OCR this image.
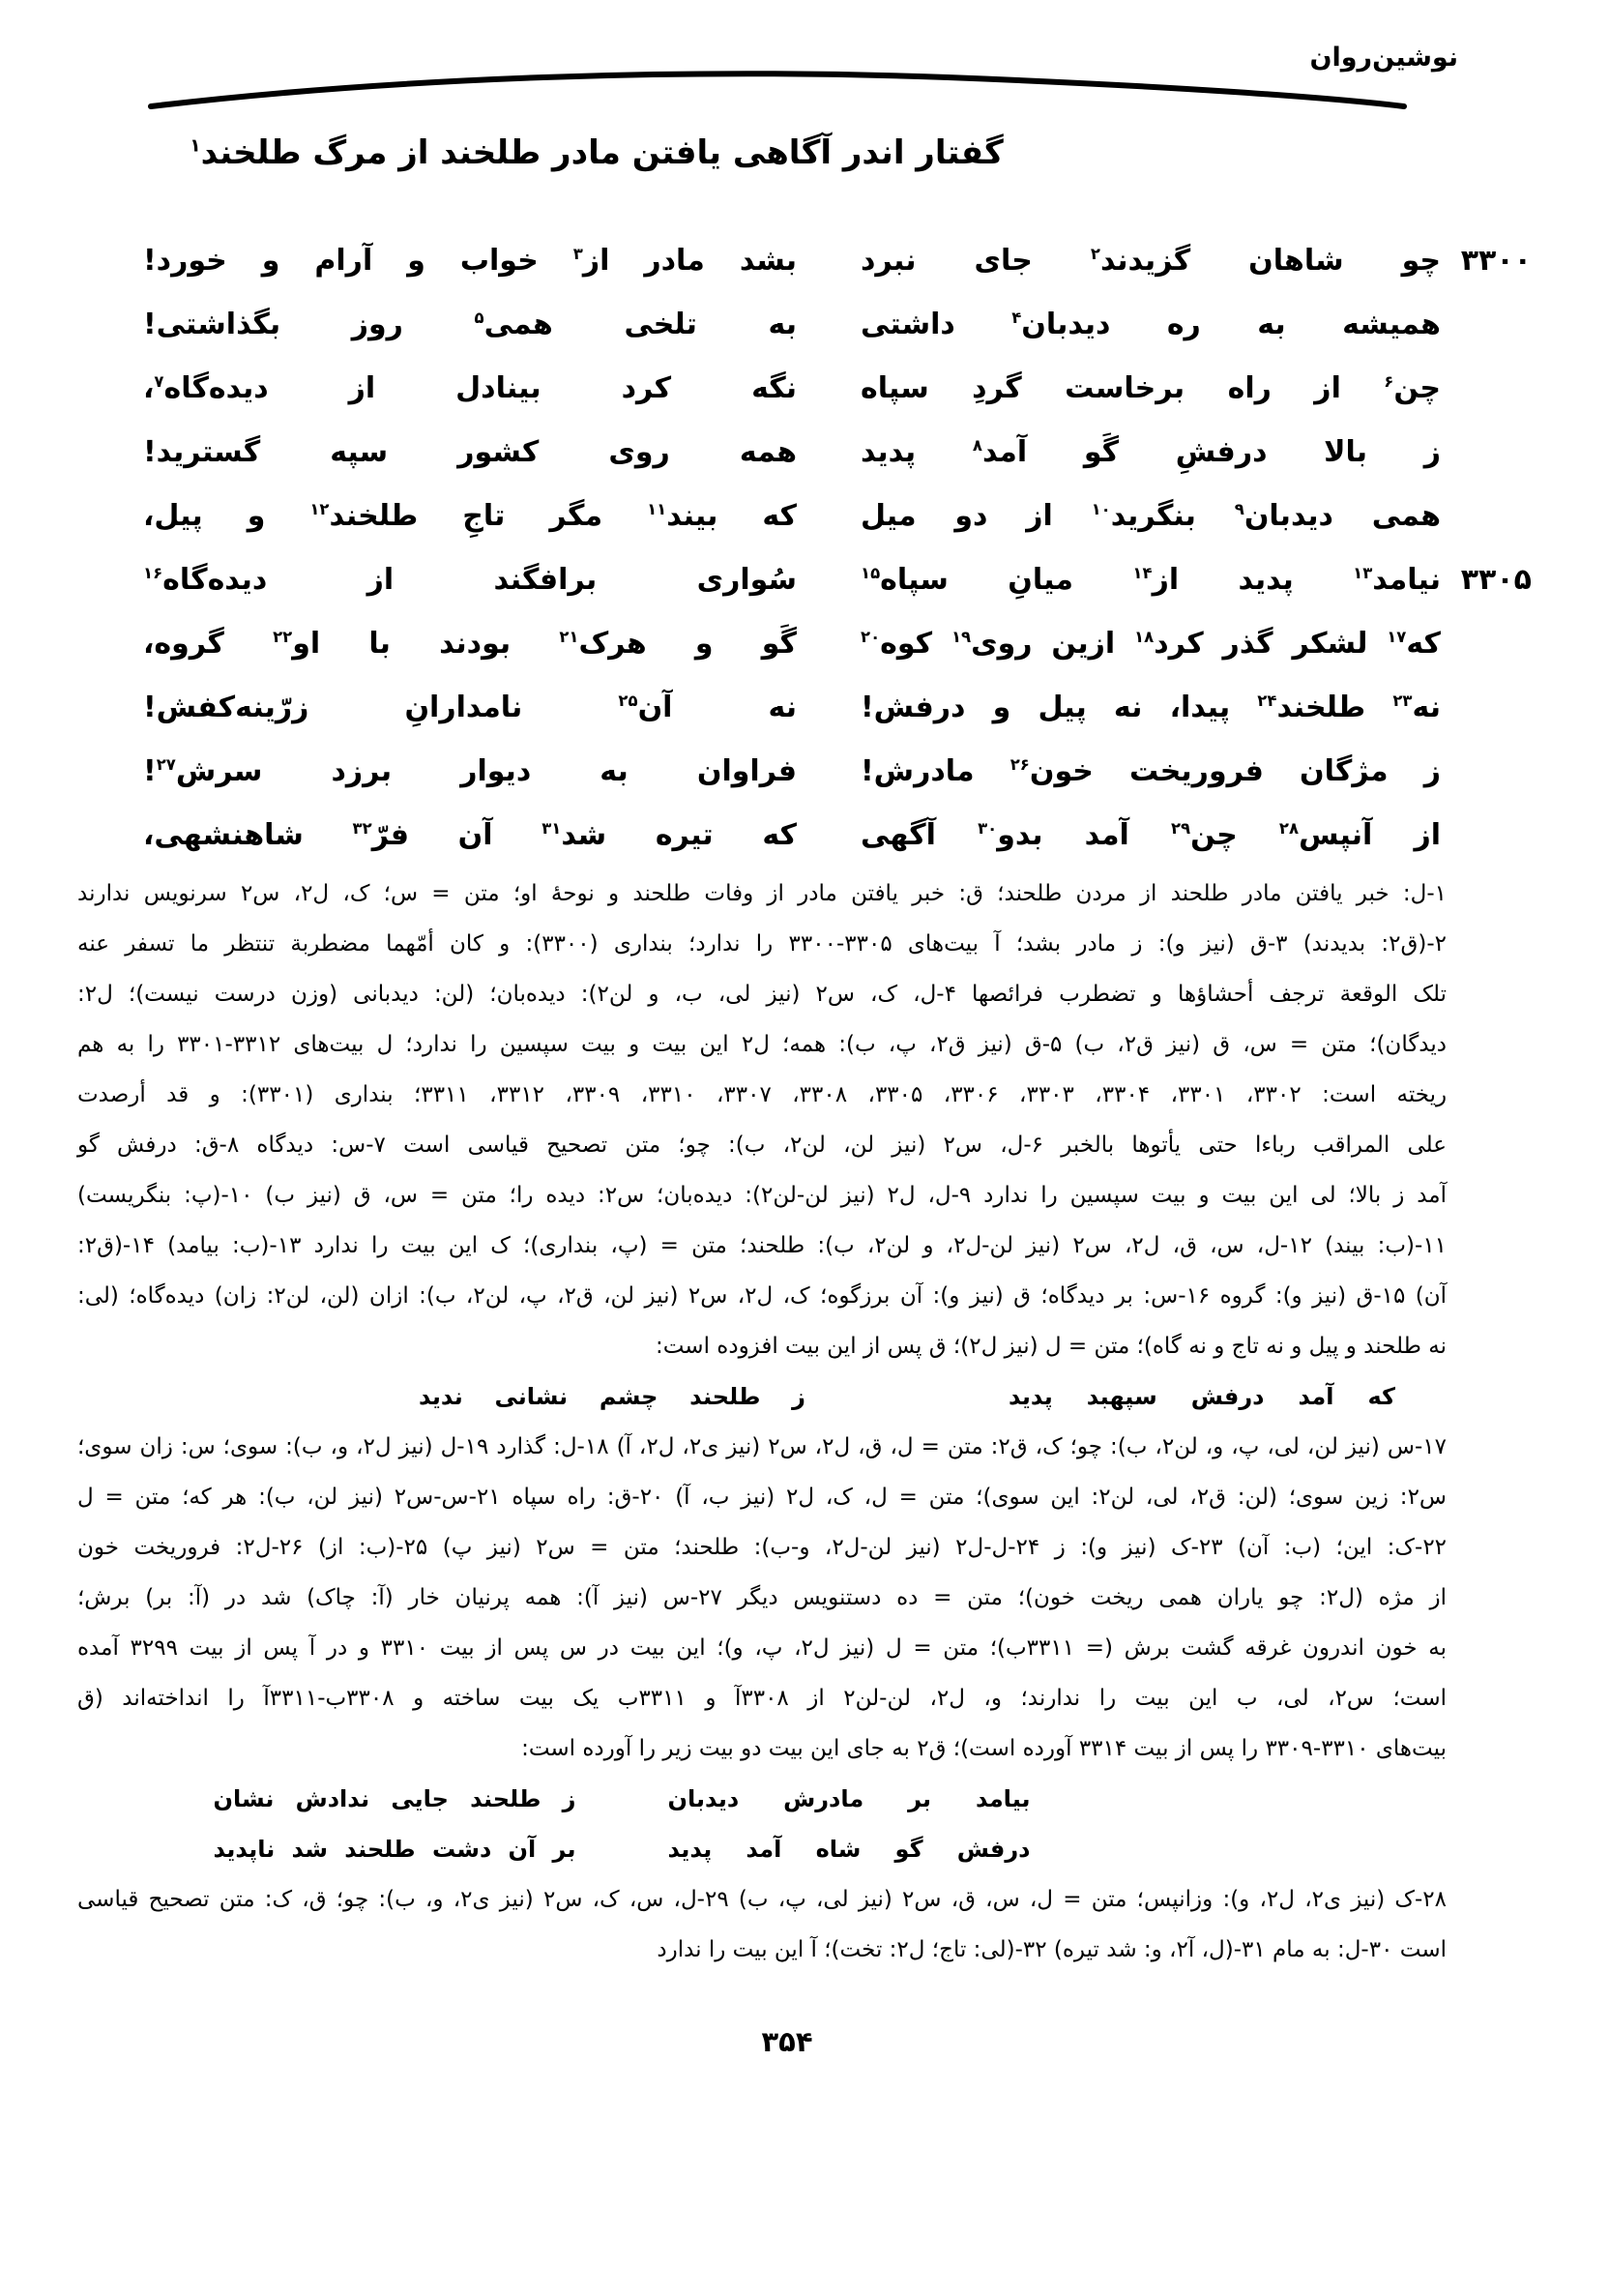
نوشین‌روان
گفتار اندر آگاهی یافتن مادر طلخند از مرگ طلخند$^۱$
۳۳۰۰
چو شاهان گزیدند$^۲$ جای نبرد
بشد مادر از$^۳$ خواب و آرام و خورد!
همیشه به ره دیدبان$^۴$ داشتی
به تلخی همی$^۵$ روز بگذاشتی!
چن$^۶$ از راه برخاست گردِ سپاه
نگه کرد بینادل از دیده‌گاه$^۷$،
ز بالا درفشِ گَو آمد$^۸$ پدید
همه روی کشور سپه گسترید!
همی دیدبان$^۹$ بنگرید$^{۱۰}$ از دو میل
که بیند$^{۱۱}$ مگر تاجِ طلخند$^{۱۲}$ و پیل،
۳۳۰۵
نیامد$^{۱۳}$ پدید از$^{۱۴}$ میانِ سپاه$^{۱۵}$
سُواری برافگند از دیده‌گاه$^{۱۶}$
که$^{۱۷}$ لشکر گذر کرد$^{۱۸}$ ازین روی$^{۱۹}$ کوه$^{۲۰}$
گَو و هرک$^{۲۱}$ بودند با او$^{۲۲}$ گروه،
نه$^{۲۳}$ طلخند$^{۲۴}$ پیدا، نه پیل و درفش!
نه آن$^{۲۵}$ نامدارانِ زرّینه‌کفش!
ز مژگان فروریخت خون$^{۲۶}$ مادرش!
فراوان به دیوار برزد سرش$^{۲۷}$!
از آنپس$^{۲۸}$ چن$^{۲۹}$ آمد بدو$^{۳۰}$ آگهی
که تیره شد$^{۳۱}$ آن فرّ$^{۳۲}$ شاهنشهی،
۱-ل: خبر یافتن مادر طلحند از مردن طلحند؛ ق: خبر یافتن مادر از وفات طلحند و نوحهٔ او؛ متن = س؛ ک، ل۲، س۲ سرنویس ندارند
۲-(ق۲: بدیدند) ۳-ق (نیز و): ز مادر بشد؛ آ بیت‌های ۳۳۰۵-۳۳۰۰ را ندارد؛ بنداری (۳۳۰۰): و کان أمّهما مضطربة تنتظر ما تسفر عنه
تلک الوقعة ترجف أحشاؤها و تضطرب فرائصها ۴-ل، ک، س۲ (نیز لی، ب، و لن۲): دیده‌بان؛ (لن: دیدبانی (وزن درست نیست)؛ ل۲:
دیدگان)؛ متن = س، ق (نیز ق۲، ب) ۵-ق (نیز ق۲، پ، ب): همه؛ ل۲ این بیت و بیت سپسین را ندارد؛ ل بیت‌های ۳۳۱۲-۳۳۰۱ را به هم
ریخته است: ۳۳۰۲، ۳۳۰۱، ۳۳۰۴، ۳۳۰۳، ۳۳۰۶، ۳۳۰۵، ۳۳۰۸، ۳۳۰۷، ۳۳۱۰، ۳۳۰۹، ۳۳۱۲، ۳۳۱۱؛ بنداری (۳۳۰۱): و قد أرصدت
علی المراقب رباءا حتی یأتوها بالخبر ۶-ل، س۲ (نیز لن، لن۲، ب): چو؛ متن تصحیح قیاسی است ۷-س: دیدگاه ۸-ق: درفش گو
آمد ز بالا؛ لی این بیت و بیت سپسین را ندارد ۹-ل، ل۲ (نیز لن-لن۲): دیده‌بان؛ س۲: دیده را؛ متن = س، ق (نیز ب) ۱۰-(پ: بنگریست)
۱۱-(ب: بیند) ۱۲-ل، س، ق، ل۲، س۲ (نیز لن-ل۲، و لن۲، ب): طلحند؛ متن = (پ، بنداری)؛ ک این بیت را ندارد ۱۳-(ب: بیامد) ۱۴-(ق۲:
آن) ۱۵-ق (نیز و): گروه ۱۶-س: بر دیدگاه؛ ق (نیز و): آن برزگوه؛ ک، ل۲، س۲ (نیز لن، ق۲، پ، لن۲، ب): ازان (لن، لن۲: زان) دیده‌گاه؛ (لی:
نه طلحند و پیل و نه تاج و نه گاه)؛ متن = ل (نیز ل۲)؛ ق پس از این بیت افزوده است:
که آمد درفش سپهبد پدید
ز طلحند چشم نشانی ندید
۱۷-س (نیز لن، لی، پ، و، لن۲، ب): چو؛ ک، ق۲: متن = ل، ق، ل۲، س۲ (نیز ی۲، ل۲، آ) ۱۸-ل: گذارد ۱۹-ل (نیز ل۲، و، ب): سوی؛ س: زان سوی؛
س۲: زین سوی؛ (لن: ق۲، لی، لن۲: این سوی)؛ متن = ل، ک، ل۲ (نیز ب، آ) ۲۰-ق: راه سپاه ۲۱-س-س۲ (نیز لن، ب): هر که؛ متن = ل
۲۲-ک: این؛ (ب: آن) ۲۳-ک (نیز و): ز ۲۴-ل-ل۲ (نیز لن-ل۲، و-ب): طلحند؛ متن = س۲ (نیز پ) ۲۵-(ب: از) ۲۶-ل۲: فروریخت خون
از مژه (ل۲: چو یاران همی ریخت خون)؛ متن = ده دستنویس دیگر ۲۷-س (نیز آ): همه پرنیان خار (آ: چاک) شد در (آ: بر) برش؛
به خون اندرون غرقه گشت برش (= ۳۳۱۱ب)؛ متن = ل (نیز ل۲، پ، و)؛ این بیت در س پس از بیت ۳۳۱۰ و در آ پس از بیت ۳۲۹۹ آمده
است؛ س۲، لی، ب این بیت را ندارند؛ و، ل۲، لن-لن۲ از ۳۳۰۸آ و ۳۳۱۱ب یک بیت ساخته و ۳۳۰۸ب-۳۳۱۱آ را انداخته‌اند (ق
بیت‌های ۳۳۱۰-۳۳۰۹ را پس از بیت ۳۳۱۴ آورده است)؛ ق۲ به جای این بیت دو بیت زیر را آورده است:
بیامد بر مادرش دیدبان
ز طلحند جایی ندادش نشان
درفش گو شاه آمد پدید
بر آن دشت طلحند شد ناپدید
۲۸-ک (نیز ی۲، ل۲، و): وزانپس؛ متن = ل، س، ق، س۲ (نیز لی، پ، ب) ۲۹-ل، س، ک، س۲ (نیز ی۲، و، ب): چو؛ ق، ک: متن تصحیح قیاسی
است ۳۰-ل: به مام ۳۱-(ل، آ۲، و: شد تیره) ۳۲-(لی: تاج؛ ل۲: تخت)؛ آ این بیت را ندارد
۳۵۴
